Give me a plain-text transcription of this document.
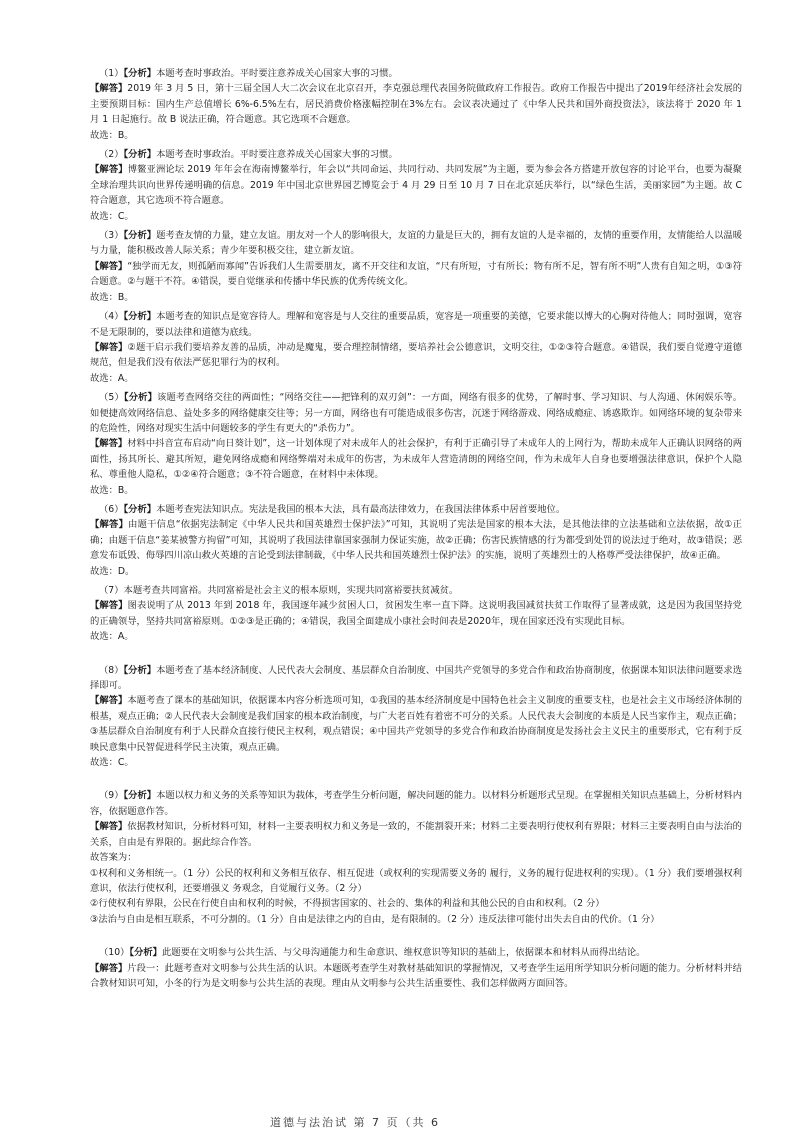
（1）【分析】本题考查时事政治。平时要注意养成关心国家大事的习惯。

【解答】2019 年 3 月 5 日，第十三届全国人大二次会议在北京召开，李克强总理代表国务院做政府工作报告。政府工作报告中提出了2019年经济社会发展的主要预期目标：国内生产总值增长 6%-6.5%左右，居民消费价格涨幅控制在3%左右。会议表决通过了《中华人民共和国外商投资法》，该法将于 2020 年 1 月 1 日起施行。故 B 说法正确，符合题意。其它选项不合题意。

故选：B。

（2）【分析】本题考查时事政治。平时要注意养成关心国家大事的习惯。

【解答】博鳌亚洲论坛 2019 年年会在海南博鳌举行，年会以“共同命运、共同行动、共同发展”为主题，要为参会各方搭建开放包容的讨论平台，也要为凝聚全球治理共识向世界传递明确的信息。2019 年中国北京世界园艺博览会于 4 月 29 日至 10 月 7 日在北京延庆举行，以“绿色生活，美丽家园”为主题。故 C 符合题意，其它选项不符合题意。

故选：C。

（3）【分析】题考查友情的力量，建立友谊。朋友对一个人的影响很大，友谊的力量是巨大的，拥有友谊的人是幸福的，友情的重要作用，友情能给人以温暖与力量，能积极改善人际关系；青少年要积极交往，建立新友谊。

【解答】“独学而无友，则孤陋而寡闻”告诉我们人生需要朋友，离不开交往和友谊，“尺有所短，寸有所长；物有所不足，智有所不明”人贵有自知之明，①③符合题意。②与题干不符。④错误，要自觉继承和传播中华民族的优秀传统文化。

故选：B。

（4）【分析】本题考查的知识点是宽容待人。理解和宽容是与人交往的重要品质，宽容是一项重要的美德，它要求能以博大的心胸对待他人；同时强调，宽容不是无限制的，要以法律和道德为底线。

【解答】②题干启示我们要培养友善的品质，冲动是魔鬼，要合理控制情绪，要培养社会公德意识，文明交往，①②③符合题意。④错误，我们要自觉遵守道德规范，但是我们没有依法严惩犯罪行为的权利。

故选：A。

（5）【分析】该题考查网络交往的两面性；“网络交往——把锋利的双刃剑”：一方面，网络有很多的优势，了解时事、学习知识、与人沟通、休闲娱乐等。如便捷高效网络信息、益处多多的网络健康交往等；另一方面，网络也有可能造成很多伤害，沉迷于网络游戏、网络成瘾症、诱惑欺诈。如网络环境的复杂带来的危险性，网络对现实生活中问题较多的学生有更大的“杀伤力”。

【解答】材料中抖音宣布启动“向日葵计划”，这一计划体现了对未成年人的社会保护，有利于正确引导了未成年人的上网行为，帮助未成年人正确认识网络的两面性，扬其所长、避其所短，避免网络成瘾和网络弊端对未成年的伤害，为未成年人营造清朗的网络空间，作为未成年人自身也要增强法律意识，保护个人隐私、尊重他人隐私，①②④符合题意；③不符合题意，在材料中未体现。

故选：B。

（6）【分析】本题考查宪法知识点。宪法是我国的根本大法，具有最高法律效力，在我国法律体系中居首要地位。

【解答】由题干信息“依据宪法制定《中华人民共和国英雄烈士保护法》”可知，其说明了宪法是国家的根本大法，是其他法律的立法基础和立法依据，故①正确；由题干信息“姜某被警方拘留”可知，其说明了我国法律靠国家强制力保证实施，故②正确；伤害民族情感的行为都受到处罚的说法过于绝对，故③错误；恶意发布诋毁、侮辱四川凉山救火英雄的言论受到法律制裁，《中华人民共和国英雄烈士保护法》的实施，说明了英雄烈士的人格尊严受法律保护，故④正确。

故选：D。

（7）本题考查共同富裕。共同富裕是社会主义的根本原则，实现共同富裕要扶贫减贫。

【解答】图表说明了从 2013 年到 2018 年，我国逐年减少贫困人口，贫困发生率一直下降。这说明我国减贫扶贫工作取得了显著成就，这是因为我国坚持党的正确领导，坚持共同富裕原则。①②③是正确的；④错误，我国全面建成小康社会时间表是2020年，现在国家还没有实现此目标。

故选：A。

（8）【分析】本题考查了基本经济制度、人民代表大会制度、基层群众自治制度、中国共产党领导的多党合作和政治协商制度，依据课本知识法律问题要求选择即可。

【解答】本题考查了课本的基础知识，依据课本内容分析选项可知，①我国的基本经济制度是中国特色社会主义制度的重要支柱，也是社会主义市场经济体制的根基，观点正确；②人民代表大会制度是我们国家的根本政治制度，与广大老百姓有着密不可分的关系。人民代表大会制度的本质是人民当家作主，观点正确；③基层群众自治制度有利于人民群众直接行使民主权利，观点错误；④中国共产党领导的多党合作和政治协商制度是发扬社会主义民主的重要形式，它有利于反映民意集中民智促进科学民主决策，观点正确。

故选：C。

（9）【分析】本题以权力和义务的关系等知识为载体，考查学生分析问题，解决问题的能力。以材料分析题形式呈现。在掌握相关知识点基础上，分析材料内容，依据题意作答。

【解答】依据教材知识，分析材料可知，材料一主要表明权力和义务是一致的，不能割裂开来；材料二主要表明行使权利有界限；材料三主要表明自由与法治的关系，自由是有界限的。据此综合作答。

故答案为：

①权利和义务相统一。（1 分）公民的权利和义务相互依存、相互促进（或权利的实现需要义务的 履行，义务的履行促进权利的实现）。（1 分）我们要增强权利意识，依法行使权利，还要增强义 务观念，自觉履行义务。（2 分）

②行使权利有界限，公民在行使自由和权利的时候，不得损害国家的、社会的、集体的利益和其他公民的自由和权利。（2 分）

③法治与自由是相互联系，不可分割的。（1 分）自由是法律之内的自由，是有限制的。（2 分）违反法律可能付出失去自由的代价。（1 分）

（10）【分析】此题要在文明参与公共生活、与父母沟通能力和生命意识、维权意识等知识的基础上，依据课本和材料从而得出结论。

【解答】片段一：此题考查对文明参与公共生活的认识。本题既考查学生对教材基础知识的掌握情况，又考查学生运用所学知识分析问题的能力。分析材料并结合教材知识可知，小冬的行为是文明参与公共生活的表现。理由从文明参与公共生活重要性、我们怎样做两方面回答。

道德与法治试 第 7 页（共 6
